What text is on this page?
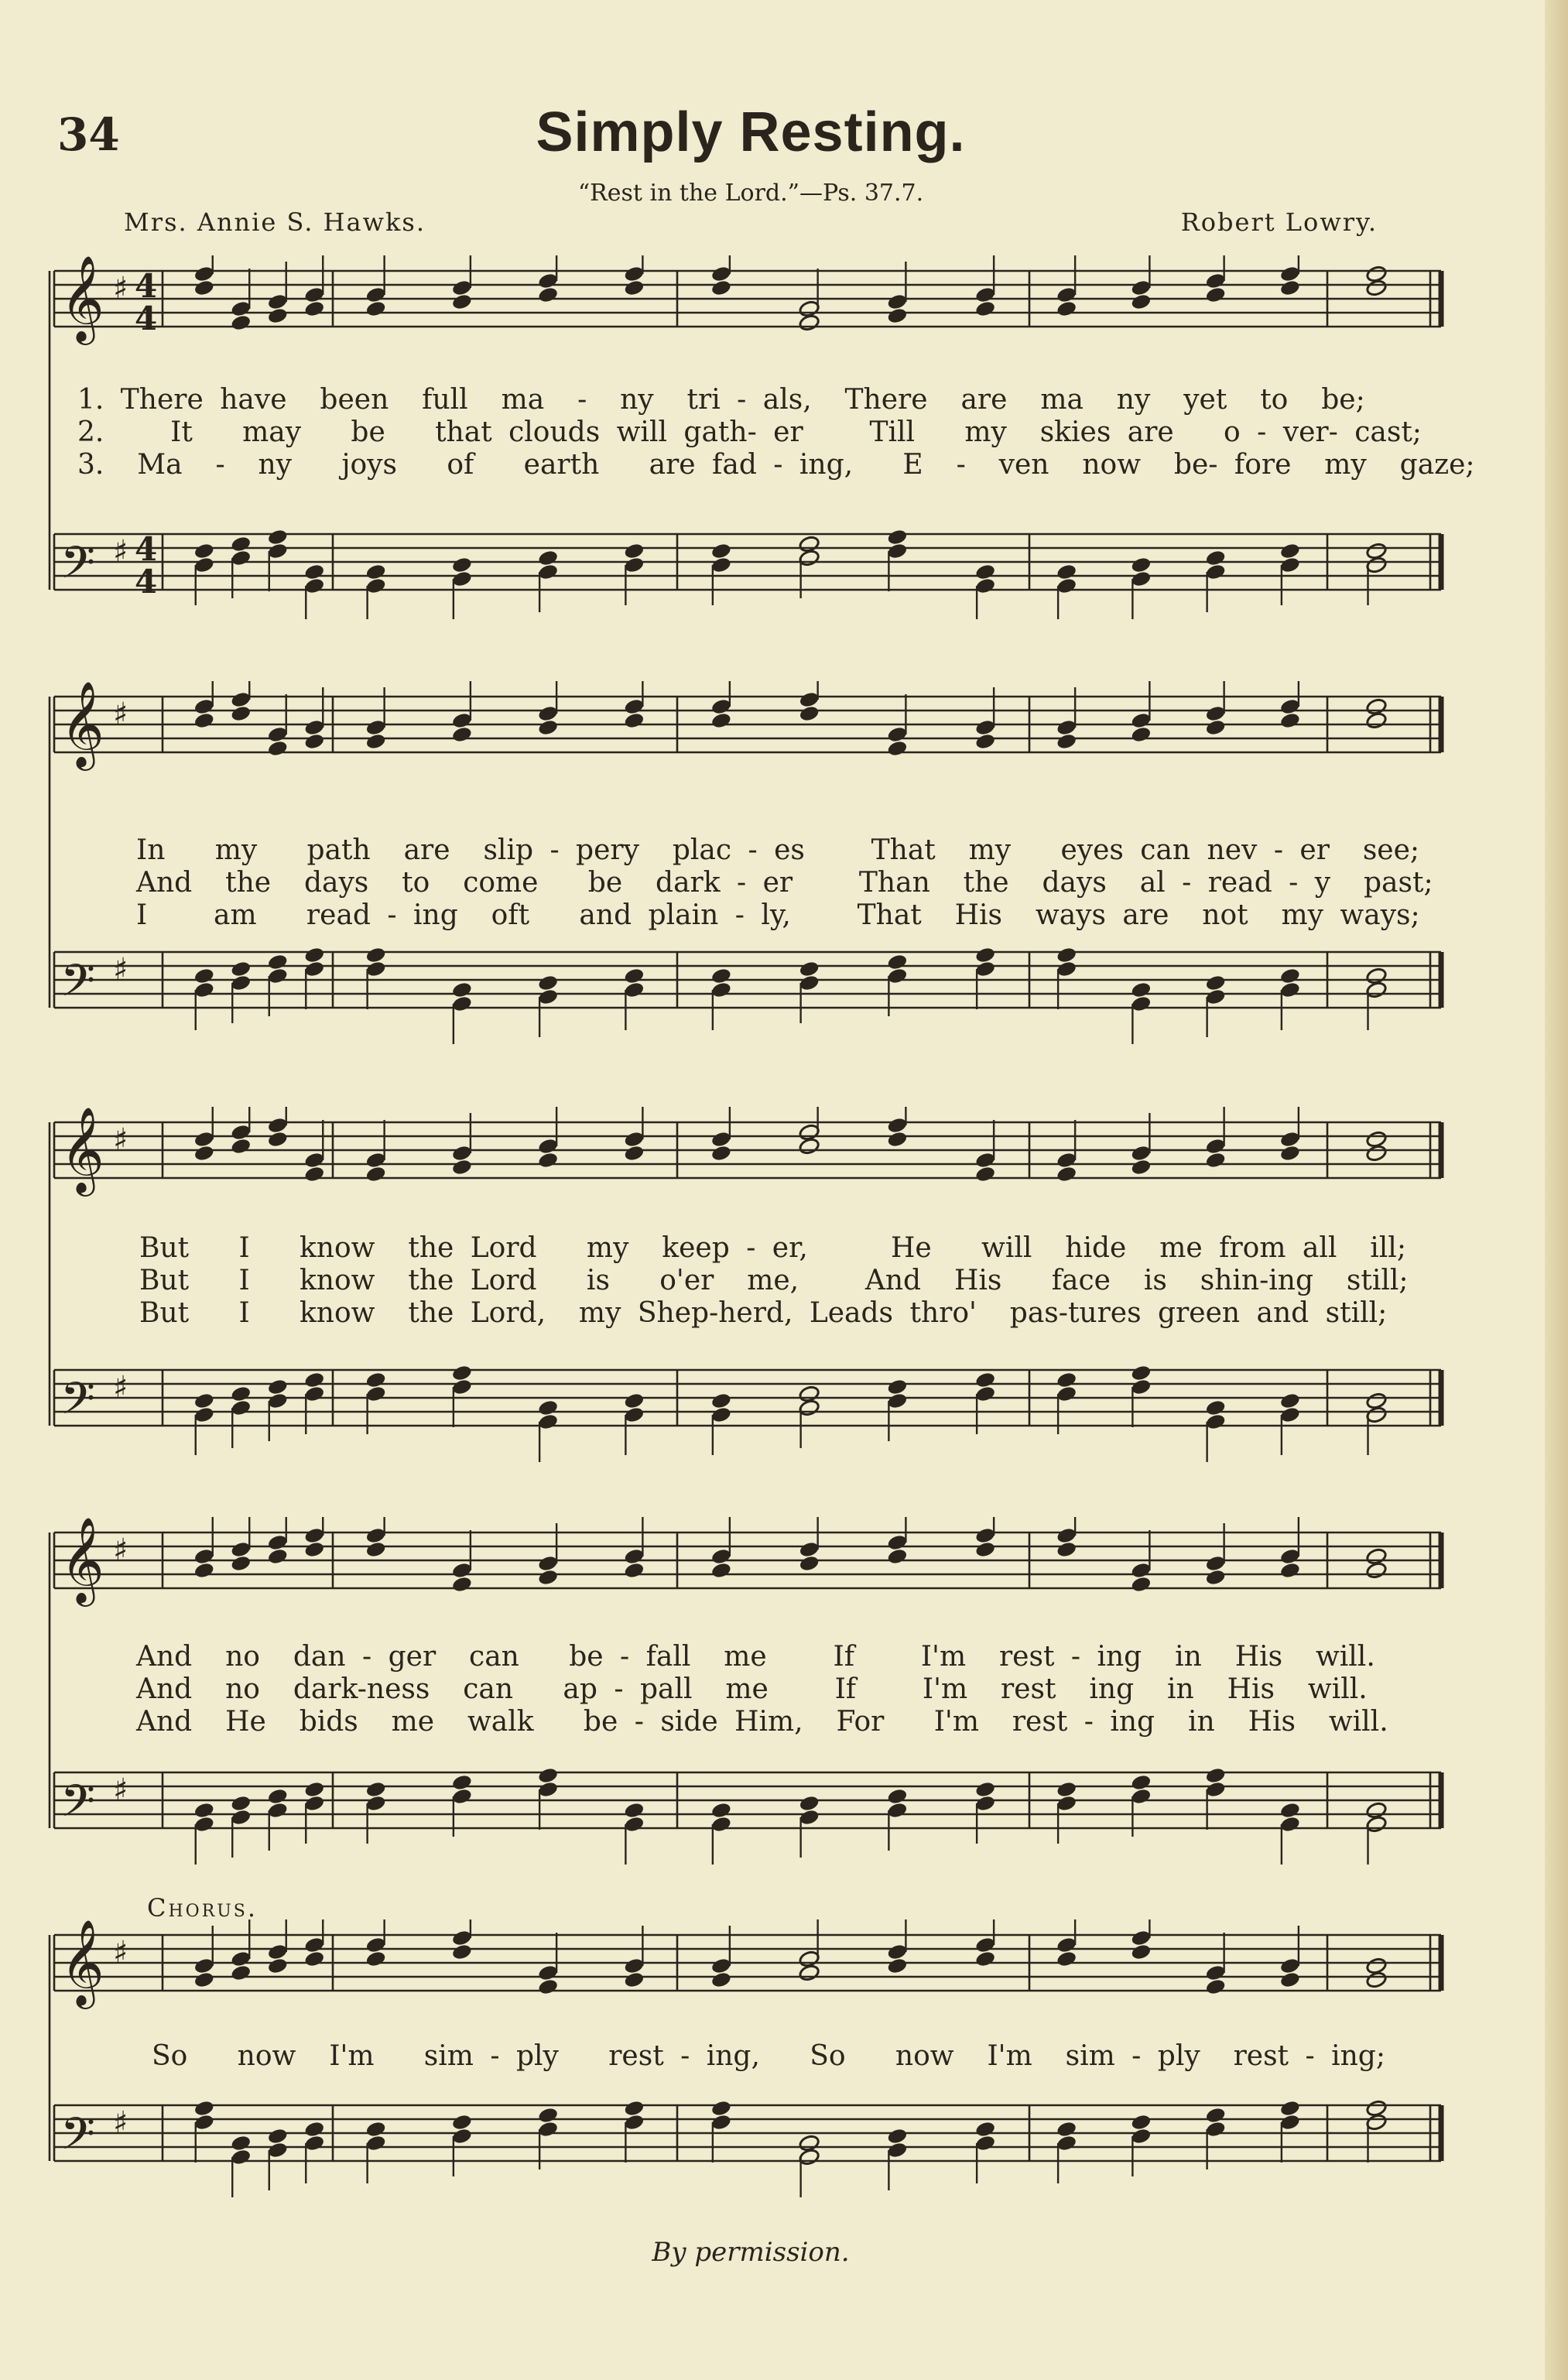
34	Simply Resting.
“Rest in the Lord.”—Ps. 37.7.
Mrs. Annie S. Hawks.	Robert Lowry.
𝄞 ♯ 4
4
𝄢 ♯ 4
4
𝄞 ♯
𝄢 ♯
𝄞 ♯
𝄢 ♯
𝄞 ♯
𝄢 ♯
𝄞 ♯
𝄢 ♯
1. There have  been  full  ma  -  ny  tri - als,  There  are  ma  ny  yet  to  be;
2.    It   may   be   that clouds will gath- er    Till   my  skies are   o - ver- cast;
3.  Ma  -  ny   joys   of   earth   are fad - ing,   E  -  ven  now  be- fore  my  gaze;
In   my   path  are  slip - pery  plac - es    That  my   eyes can nev - er  see;
And  the  days  to  come   be  dark - er    Than  the  days  al - read - y  past;
I    am   read - ing  oft   and plain - ly,    That  His  ways are  not  my ways;
But   I   know  the Lord   my  keep - er,     He   will  hide  me from all  ill;
But   I   know  the Lord   is   o'er  me,    And  His   face  is  shin-ing  still;
But   I   know  the Lord,  my Shep-herd, Leads thro'  pas-tures green and still;
And  no  dan - ger  can   be - fall  me    If    I'm  rest - ing  in  His  will.
And  no  dark-ness  can   ap - pall  me    If    I'm  rest  ing  in  His  will.
And  He  bids  me  walk   be - side Him,  For   I'm  rest - ing  in  His  will.
Chorus.
So   now  I'm   sim - ply   rest - ing,   So   now  I'm  sim - ply  rest - ing;
By permission.
